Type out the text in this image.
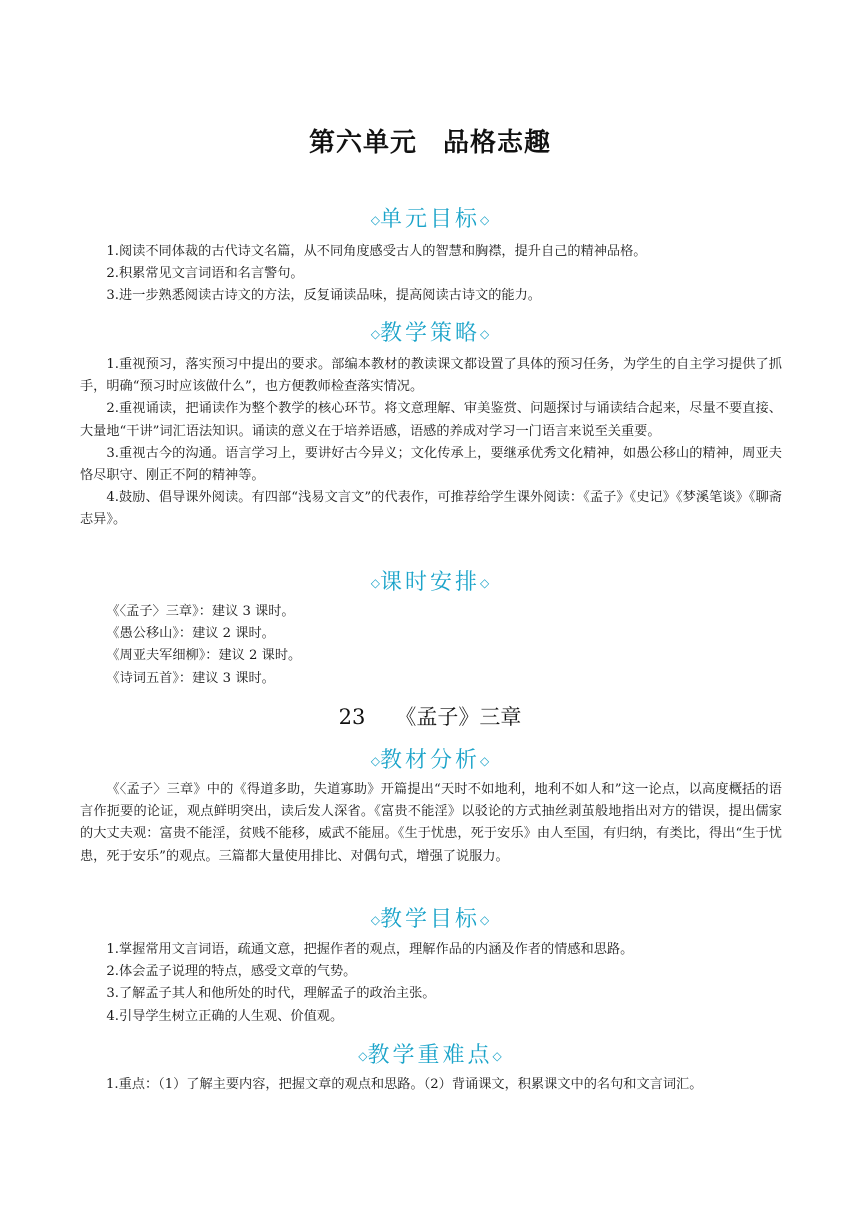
第六单元 品格志趣
◇单元目标◇

1.阅读不同体裁的古代诗文名篇，从不同角度感受古人的智慧和胸襟，提升自己的精神品格。

2.积累常见文言词语和名言警句。

3.进一步熟悉阅读古诗文的方法，反复诵读品味，提高阅读古诗文的能力。

◇教学策略◇

1.重视预习，落实预习中提出的要求。部编本教材的教读课文都设置了具体的预习任务，为学生的自主学习提供了抓手，明确“预习时应该做什么”，也方便教师检查落实情况。

2.重视诵读，把诵读作为整个教学的核心环节。将文意理解、审美鉴赏、问题探讨与诵读结合起来，尽量不要直接、大量地“干讲”词汇语法知识。诵读的意义在于培养语感，语感的养成对学习一门语言来说至关重要。

3.重视古今的沟通。语言学习上，要讲好古今异义；文化传承上，要继承优秀文化精神，如愚公移山的精神，周亚夫恪尽职守、刚正不阿的精神等。

4.鼓励、倡导课外阅读。有四部“浅易文言文”的代表作，可推荐给学生课外阅读：《孟子》《史记》《梦溪笔谈》《聊斋志异》。

◇课时安排◇

《〈孟子〉三章》：建议 3 课时。

《愚公移山》：建议 2 课时。

《周亚夫军细柳》：建议 2 课时。

《诗词五首》：建议 3 课时。

23 《孟子》三章
◇教材分析◇

《〈孟子〉三章》中的《得道多助，失道寡助》开篇提出“天时不如地利，地利不如人和”这一论点，以高度概括的语言作扼要的论证，观点鲜明突出，读后发人深省。《富贵不能淫》以驳论的方式抽丝剥茧般地指出对方的错误，提出儒家的大丈夫观：富贵不能淫，贫贱不能移，威武不能屈。《生于忧患，死于安乐》由人至国，有归纳，有类比，得出“生于忧患，死于安乐”的观点。三篇都大量使用排比、对偶句式，增强了说服力。

◇教学目标◇

1.掌握常用文言词语，疏通文意，把握作者的观点，理解作品的内涵及作者的情感和思路。

2.体会孟子说理的特点，感受文章的气势。

3.了解孟子其人和他所处的时代，理解孟子的政治主张。

4.引导学生树立正确的人生观、价值观。

◇教学重难点◇

1.重点：（1）了解主要内容，把握文章的观点和思路。（2）背诵课文，积累课文中的名句和文言词汇。
